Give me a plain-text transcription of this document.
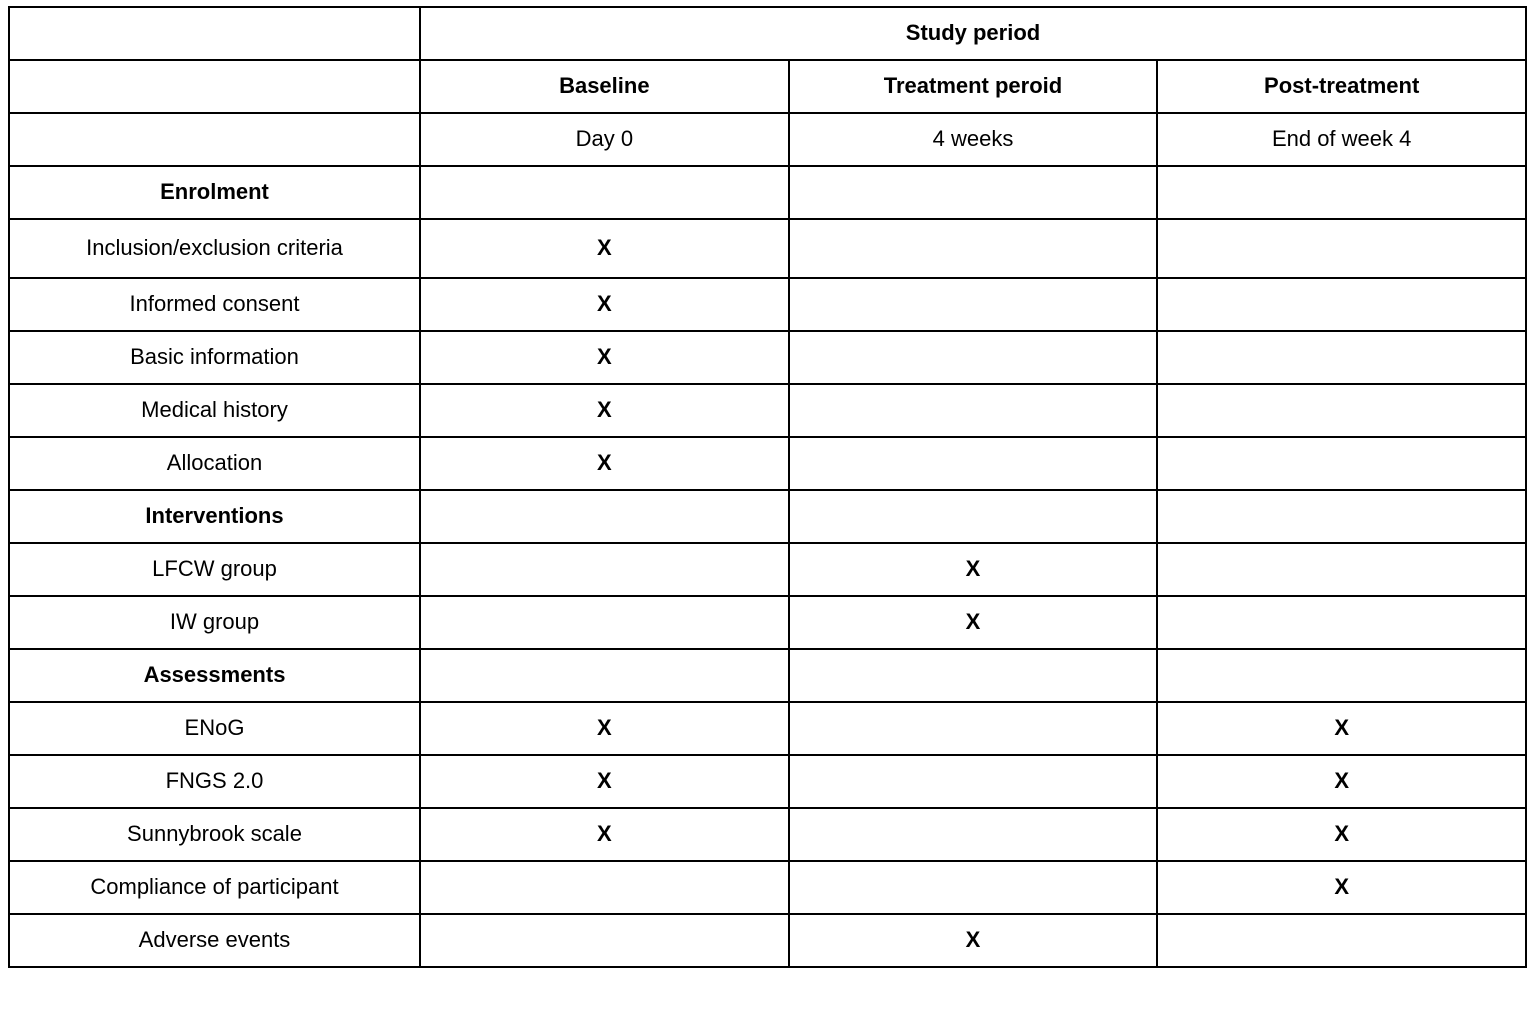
	Study period		
	Baseline	Treatment peroid	Post-treatment
	Day 0	4 weeks	End of week 4
Enrolment			
Inclusion/exclusion criteria	X		
Informed consent	X		
Basic information	X		
Medical history	X		
Allocation	X		
Interventions			
LFCW group		X	
IW group		X	
Assessments			
ENoG	X		X
FNGS 2.0	X		X
Sunnybrook scale	X		X
Compliance of participant			X
Adverse events		X	
